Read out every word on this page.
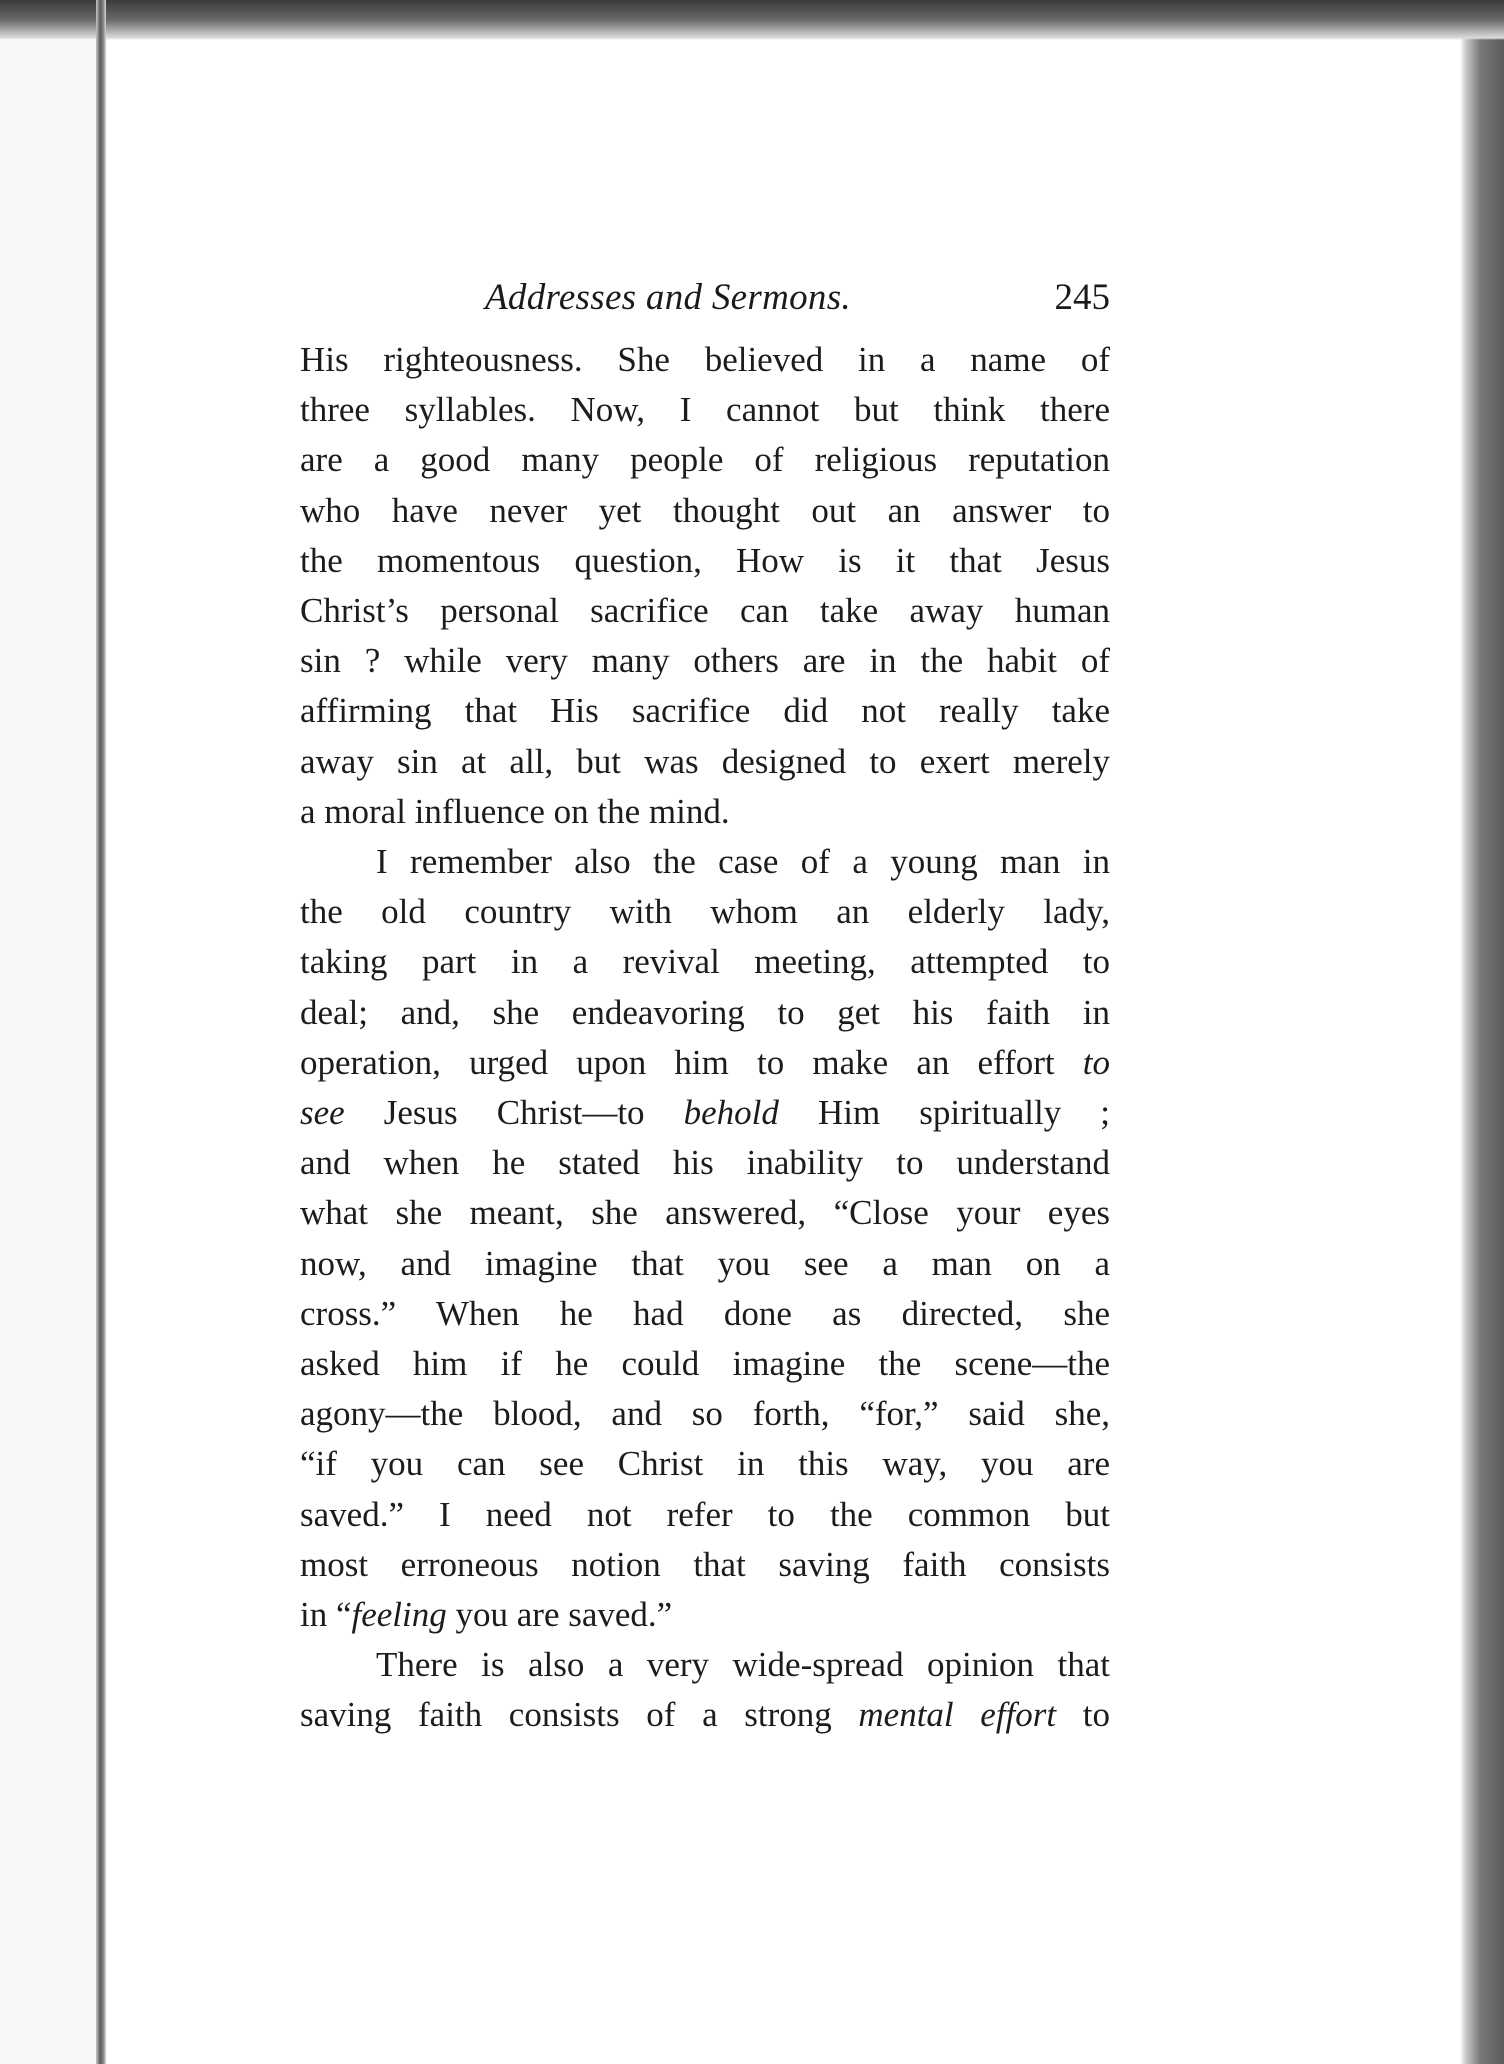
Addresses and Sermons.	245
His righteousness. She believed in a name of
three syllables. Now, I cannot but think there
are a good many people of religious reputation
who have never yet thought out an answer to
the momentous question, How is it that Jesus
Christ’s personal sacrifice can take away human
sin ? while very many others are in the habit of
affirming that His sacrifice did not really take
away sin at all, but was designed to exert merely
a moral influence on the mind.
I remember also the case of a young man in
the old country with whom an elderly lady,
taking part in a revival meeting, attempted to
deal; and, she endeavoring to get his faith in
operation, urged upon him to make an effort to
see Jesus Christ—to behold Him spiritually ;
and when he stated his inability to understand
what she meant, she answered, “Close your eyes
now, and imagine that you see a man on a
cross.” When he had done as directed, she
asked him if he could imagine the scene—the
agony—the blood, and so forth, “for,” said she,
“if you can see Christ in this way, you are
saved.” I need not refer to the common but
most erroneous notion that saving faith consists
in “feeling you are saved.”
There is also a very wide-spread opinion that
saving faith consists of a strong mental effort to
